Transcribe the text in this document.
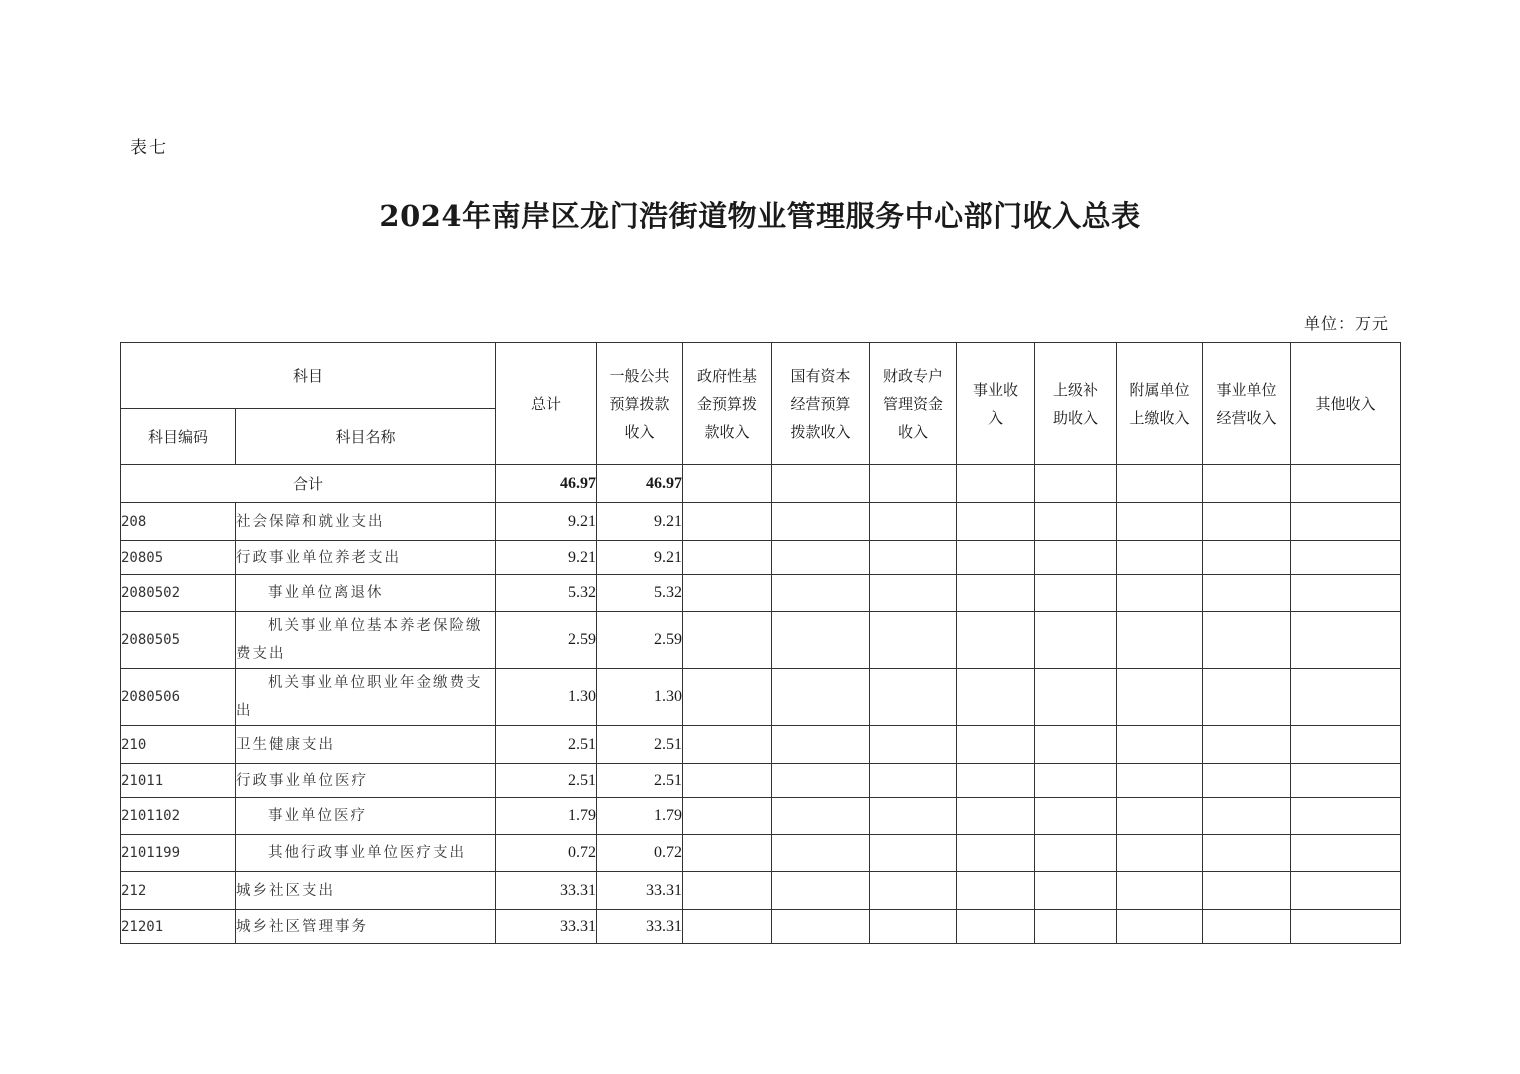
表七
2024年南岸区龙门浩街道物业管理服务中心部门收入总表
单位：万元
科目		总计	一般公共预算拨款收入	政府性基金预算拨款收入	国有资本经营预算拨款收入	财政专户管理资金收入	事业收入	上级补助收入	附属单位上缴收入	事业单位经营收入	其他收入
科目编码	科目名称										
合计		46.97	46.97								
208	社会保障和就业支出	9.21	9.21								
20805	行政事业单位养老支出	9.21	9.21								
2080502	事业单位离退休	5.32	5.32								
2080505	机关事业单位基本养老保险缴费支出	2.59	2.59								
2080506	机关事业单位职业年金缴费支出	1.30	1.30								
210	卫生健康支出	2.51	2.51								
21011	行政事业单位医疗	2.51	2.51								
2101102	事业单位医疗	1.79	1.79								
2101199	其他行政事业单位医疗支出	0.72	0.72								
212	城乡社区支出	33.31	33.31								
21201	城乡社区管理事务	33.31	33.31								
